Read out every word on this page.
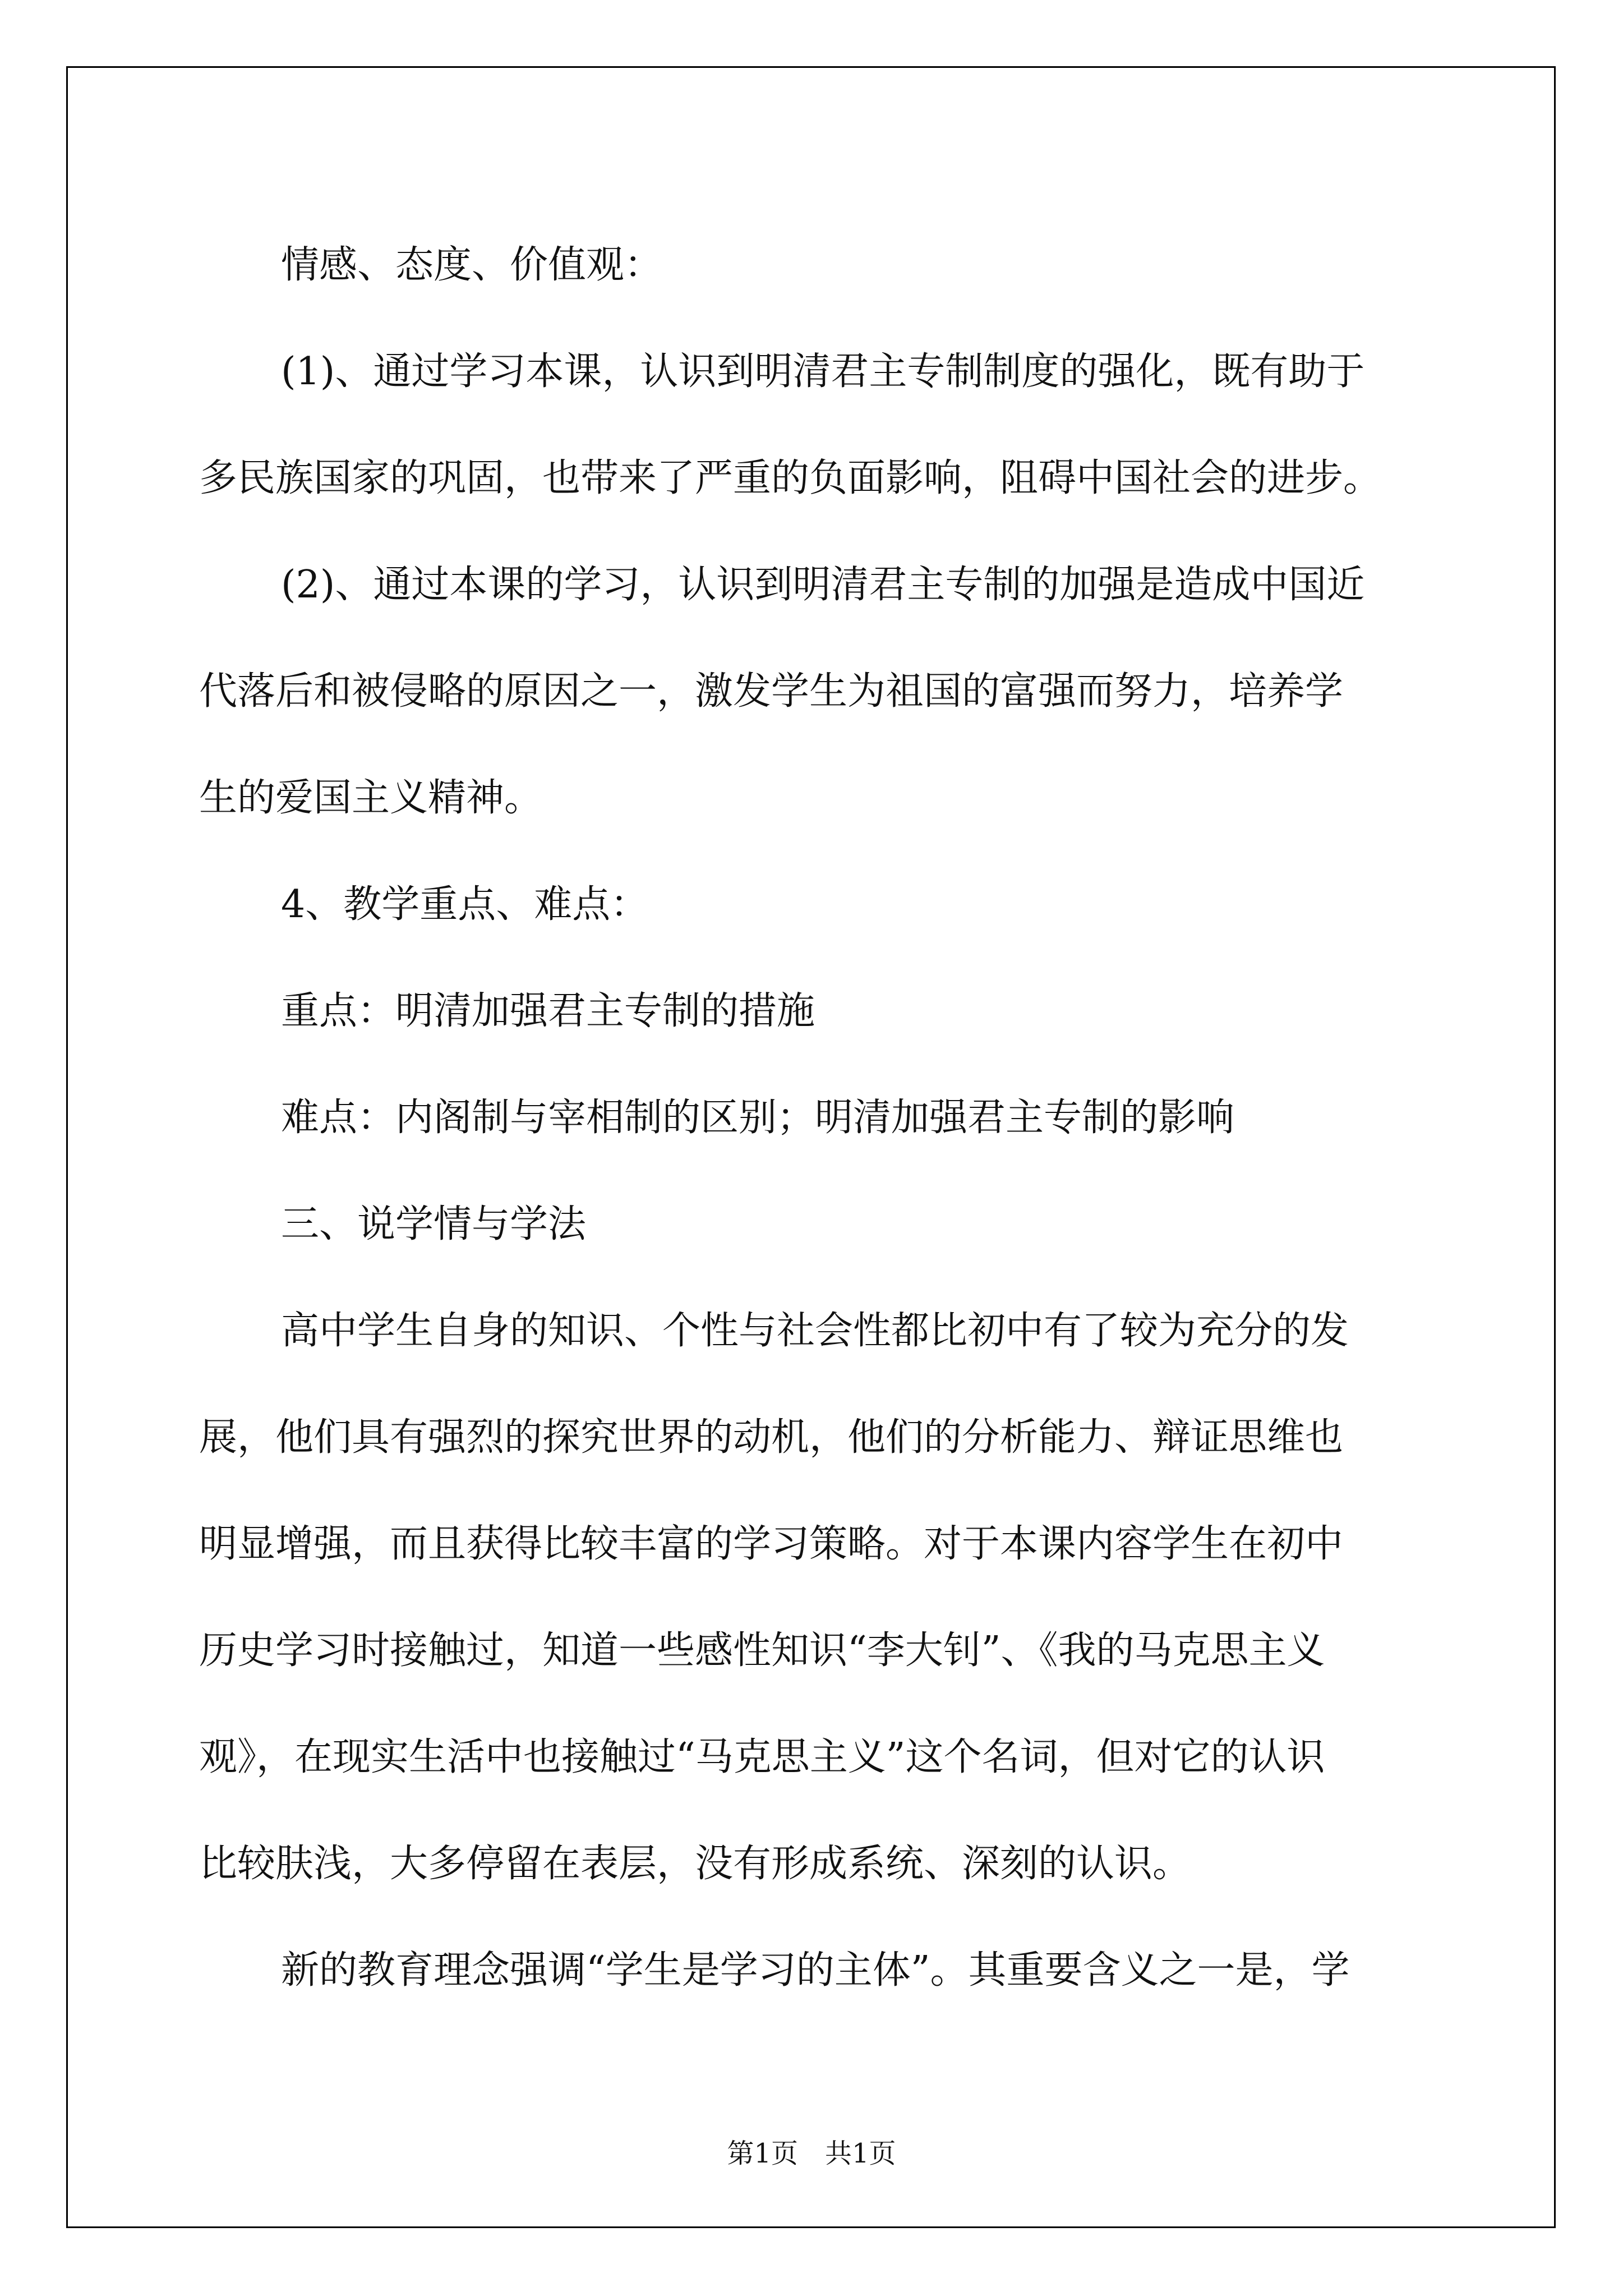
情感、态度、价值观：

(1)、通过学习本课，认识到明清君主专制制度的强化，既有助于

多民族国家的巩固，也带来了严重的负面影响，阻碍中国社会的进步。

(2)、通过本课的学习，认识到明清君主专制的加强是造成中国近

代落后和被侵略的原因之一，激发学生为祖国的富强而努力，培养学

生的爱国主义精神。

4、教学重点、难点：

重点：明清加强君主专制的措施

难点：内阁制与宰相制的区别；明清加强君主专制的影响

三、说学情与学法

高中学生自身的知识、个性与社会性都比初中有了较为充分的发

展，他们具有强烈的探究世界的动机，他们的分析能力、辩证思维也

明显增强，而且获得比较丰富的学习策略。对于本课内容学生在初中

历史学习时接触过，知道一些感性知识“李大钊”、《我的马克思主义

观》，在现实生活中也接触过“马克思主义”这个名词，但对它的认识

比较肤浅，大多停留在表层，没有形成系统、深刻的认识。

新的教育理念强调“学生是学习的主体”。其重要含义之一是，学

第1页 共1页
